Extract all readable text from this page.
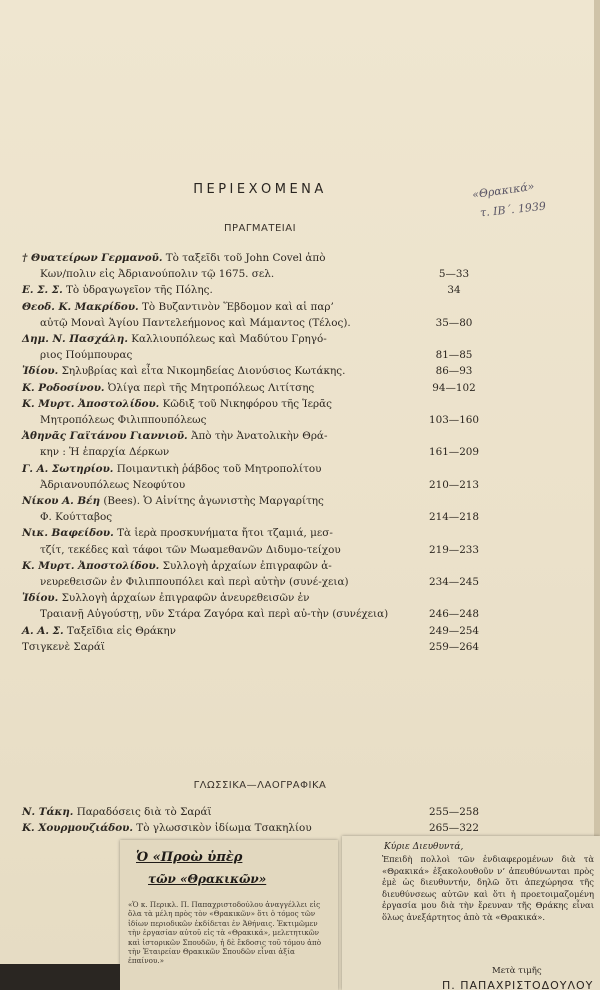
ΠΕΡΙΕΧΟΜΕΝΑ	«Θρακικά»
τ. ΙΒ΄. 1939
ΠΡΑΓΜΑΤΕΙΑΙ
† Θυατείρων Γερμανοῦ. Τὸ ταξεῖδι τοῦ John Covel ἀπὸ
Κων/πολιν εἰς Ἀδριανούπολιν τῷ 1675. σελ.	5—33
Ε. Σ. Σ. Τὸ ὑδραγωγεῖον τῆς Πόλης.	34
Θεοδ. Κ. Μακρίδου. Τὸ Βυζαντινὸν Ἕβδομον καὶ αἱ παρ’
αὐτῷ Μοναὶ Ἁγίου Παντελεήμονος καὶ Μάμαντος (Τέλος).	35—80
Δημ. Ν. Πασχάλη. Καλλιουπόλεως καὶ Μαδύτου Γρηγό-
ριος Πούμπουρας	81—85
Ἰδίου. Σηλυβρίας καὶ εἶτα Νικομηδείας Διονύσιος Κωτάκης.	86—93
Κ. Ροδοσίνου. Ὀλίγα περὶ τῆς Μητροπόλεως Λιτίτσης	94—102
Κ. Μυρτ. Ἀποστολίδου. Κῶδιξ τοῦ Νικηφόρου τῆς Ἱερᾶς
Μητροπόλεως Φιλιππουπόλεως	103—160
Ἀθηνᾶς Γαϊτάνου Γιαννιοῦ. Ἀπὸ τὴν Ἀνατολικὴν Θρά-
κην : Ἡ ἐπαρχία Δέρκων	161—209
Γ. Α. Σωτηρίου. Ποιμαντικὴ ῥάβδος τοῦ Μητροπολίτου
Ἀδριανουπόλεως Νεοφύτου	210—213
Νίκου Α. Βέη (Bees). Ὁ Αἰνίτης ἀγωνιστὴς Μαργαρίτης
Φ. Κούτταβος	214—218
Νικ. Βαφείδου. Τὰ ἱερὰ προσκυνήματα ἤτοι τζαμιά, μεσ-
τζίτ, τεκέδες καὶ τάφοι τῶν Μωαμεθανῶν Διδυμο-τείχου	219—233
Κ. Μυρτ. Ἀποστολίδου. Συλλογὴ ἀρχαίων ἐπιγραφῶν ἀ-
νευρεθεισῶν ἐν Φιλιππουπόλει καὶ περὶ αὐτὴν (συνέ-χεια)	234—245
Ἰδίου. Συλλογὴ ἀρχαίων ἐπιγραφῶν ἀνευρεθεισῶν ἐν
Τραιανῇ Αὐγούστῃ, νῦν Στάρα Ζαγόρα καὶ περὶ αὐ-τὴν (συνέχεια)	246—248
Α. Α. Σ. Ταξεῖδια εἰς Θράκην	249—254
Τσιγκενὲ Σαράϊ	259—264
ΓΛΩΣΣΙΚΑ—ΛΑΟΓΡΑΦΙΚΑ
Ν. Τάκη. Παραδόσεις διὰ τὸ Σαράϊ	255—258
Κ. Χουρμουζιάδου. Τὸ γλωσσικὸν ἰδίωμα Τσακηλίου	265—322
Ὁ «Προὼ ὑπὲρ
τῶν «Θρακικῶν»
«Ὁ κ. Περικλ. Π. Παπαχριστοδούλου ἀναγγέλλει εἰς ὅλα τὰ μέλη πρὸς τὸν «Θρακικῶν» ὅτι ὁ τόμος τῶν ἰδίων περιοδικῶν ἐκδίδεται ἐν Ἀθήναις. Ἐκτιμῶμεν τὴν ἐργασίαν αὐτοῦ εἰς τὰ «Θρακικά», μελετητικῶν καὶ ἱστορικῶν Σπουδῶν, ἡ δὲ ἔκδοσις τοῦ τόμου ἀπὸ τὴν Ἑταιρείαν Θρακικῶν Σπουδῶν εἶναι ἀξία ἐπαίνου.»
Κύριε Διευθυντά,
Ἐπειδὴ πολλοὶ τῶν ἐνδιαφερομένων διὰ τὰ «Θρακικά» ἐξακολουθοῦν ν’ ἀπευθύνωνται πρὸς ἐμὲ ὡς διευθυντήν, δηλῶ ὅτι ἀπεχώρησα τῆς διευθύνσεως αὐτῶν καὶ ὅτι ἡ προετοιμαζομένη ἐργασία μου διὰ τὴν ἔρευναν τῆς Θράκης εἶναι ὅλως ἀνεξάρτητος ἀπὸ τὰ «Θρακικά».
Μετὰ τιμῆς
Π. ΠΑΠΑΧΡΙΣΤΟΔΟΥΛΟΥ
